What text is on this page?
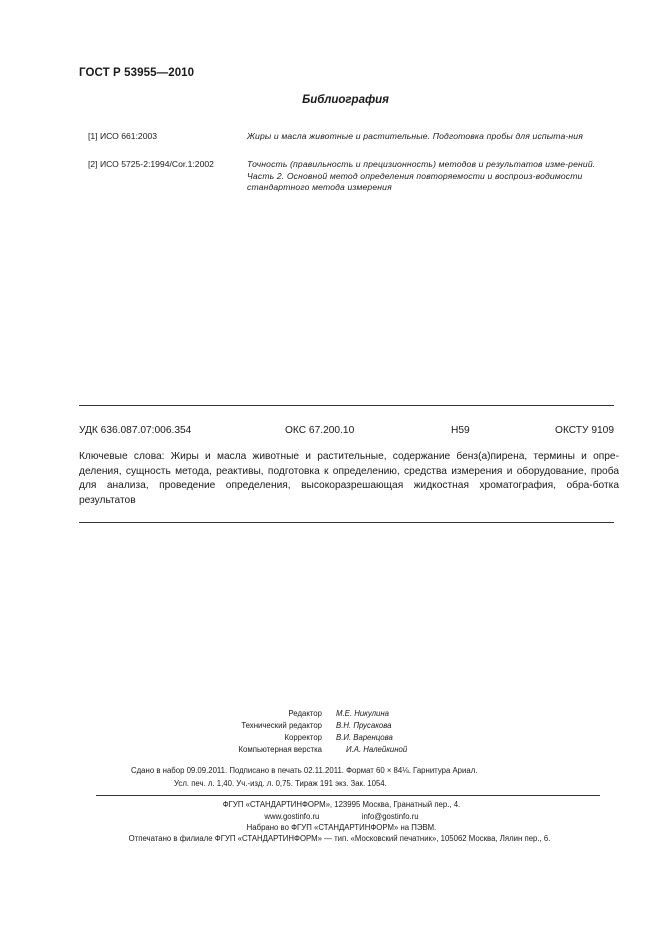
ГОСТ Р 53955—2010
Библиография
[1] ИСО 661:2003	Жиры и масла животные и растительные. Подготовка пробы для испыта-ния
[2] ИСО 5725-2:1994/Cor.1:2002	Точность (правильность и прецизионность) методов и результатов изме-рений. Часть 2. Основной метод определения повторяемости и воспроиз-водимости стандартного метода измерения
УДК 636.087.07:006.354	ОКС 67.200.10	Н59	ОКСТУ 9109
Ключевые слова: Жиры и масла животные и растительные, содержание бенз(а)пирена, термины и опре-деления, сущность метода, реактивы, подготовка к определению, средства измерения и оборудование, проба для анализа, проведение определения, высокоразрешающая жидкостная хроматография, обра-ботка результатов
Редактор М.Е. Никулина
Технический редактор В.Н. Прусакова
Корректор В.И. Варенцова
Компьютерная верстка	И.А. Налейкиной
Сдано в набор 09.09.2011. Подписано в печать 02.11.2011. Формат 60 × 84⅛. Гарнитура Ариал.
Усл. печ. л. 1,40. Уч.-изд. л. 0,75. Тираж 191 экз. Зак. 1054.
ФГУП «СТАНДАРТИНФОРМ», 123995 Москва, Гранатный пер., 4.
www.gostinfo.ru	info@gostinfo.ru
Набрано во ФГУП «СТАНДАРТИНФОРМ» на ПЭВМ.
Отпечатано в филиале ФГУП «СТАНДАРТИНФОРМ» — тип. «Московский печатник», 105062 Москва, Лялин пер., 6.
